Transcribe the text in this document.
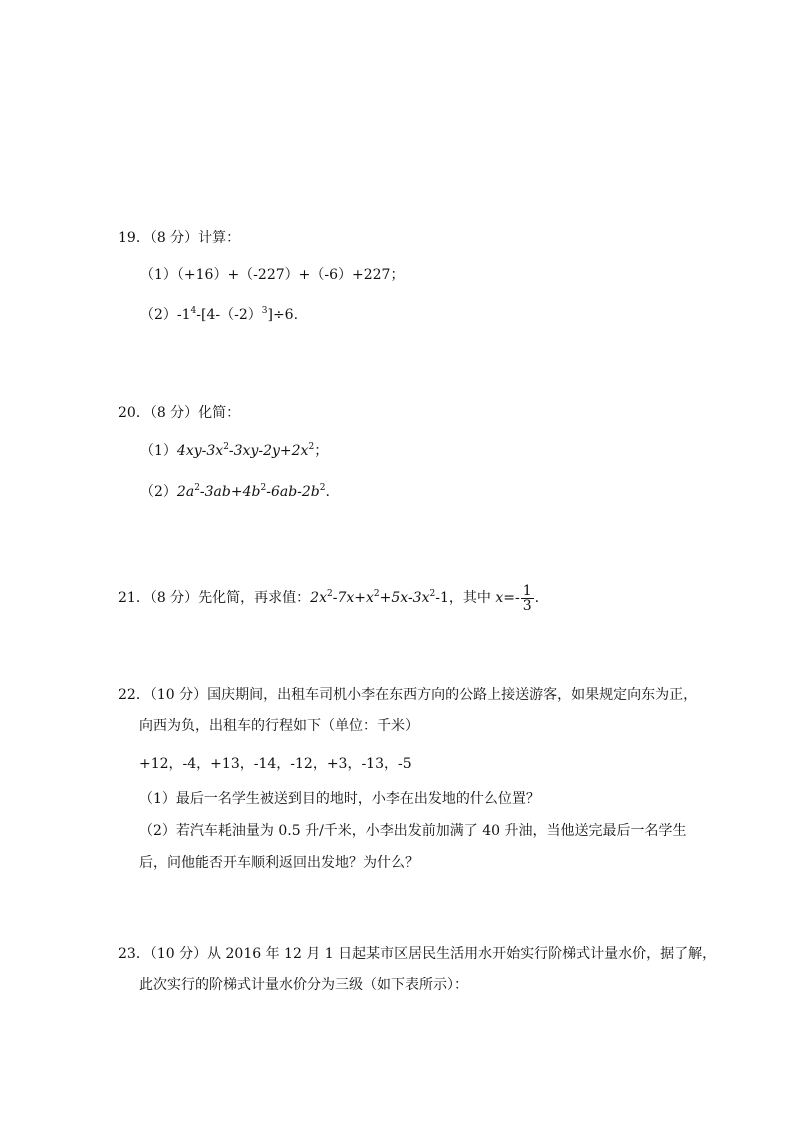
19．（8 分）计算：
（1）（+16）+（-227）+（-6）+227；
$(2)-1^4-[4-(-2)^3]\div 6$.
20．（8 分）化简：
$(1)4xy-3x^2-3xy-2y+2x^2$；
$(2)2a^2-3ab+4b^2-6ab-2b^2$.
21．（8 分）先化简，再求值：$2x^2-7x+x^2+5x-3x^2-1$，其中 $x=- \frac{1}{3}$ .
22．（10 分）国庆期间，出租车司机小李在东西方向的公路上接送游客，如果规定向东为正，
向西为负，出租车的行程如下（单位：千米）
+12，-4，+13，-14，-12，+3，-13，-5
（1）最后一名学生被送到目的地时，小李在出发地的什么位置？
（2）若汽车耗油量为 0.5 升/千米，小李出发前加满了 40 升油，当他送完最后一名学生
后，问他能否开车顺利返回出发地？为什么？
23．（10 分）从 2016 年 12 月 1 日起某市区居民生活用水开始实行阶梯式计量水价，据了解，
此次实行的阶梯式计量水价分为三级（如下表所示）：
